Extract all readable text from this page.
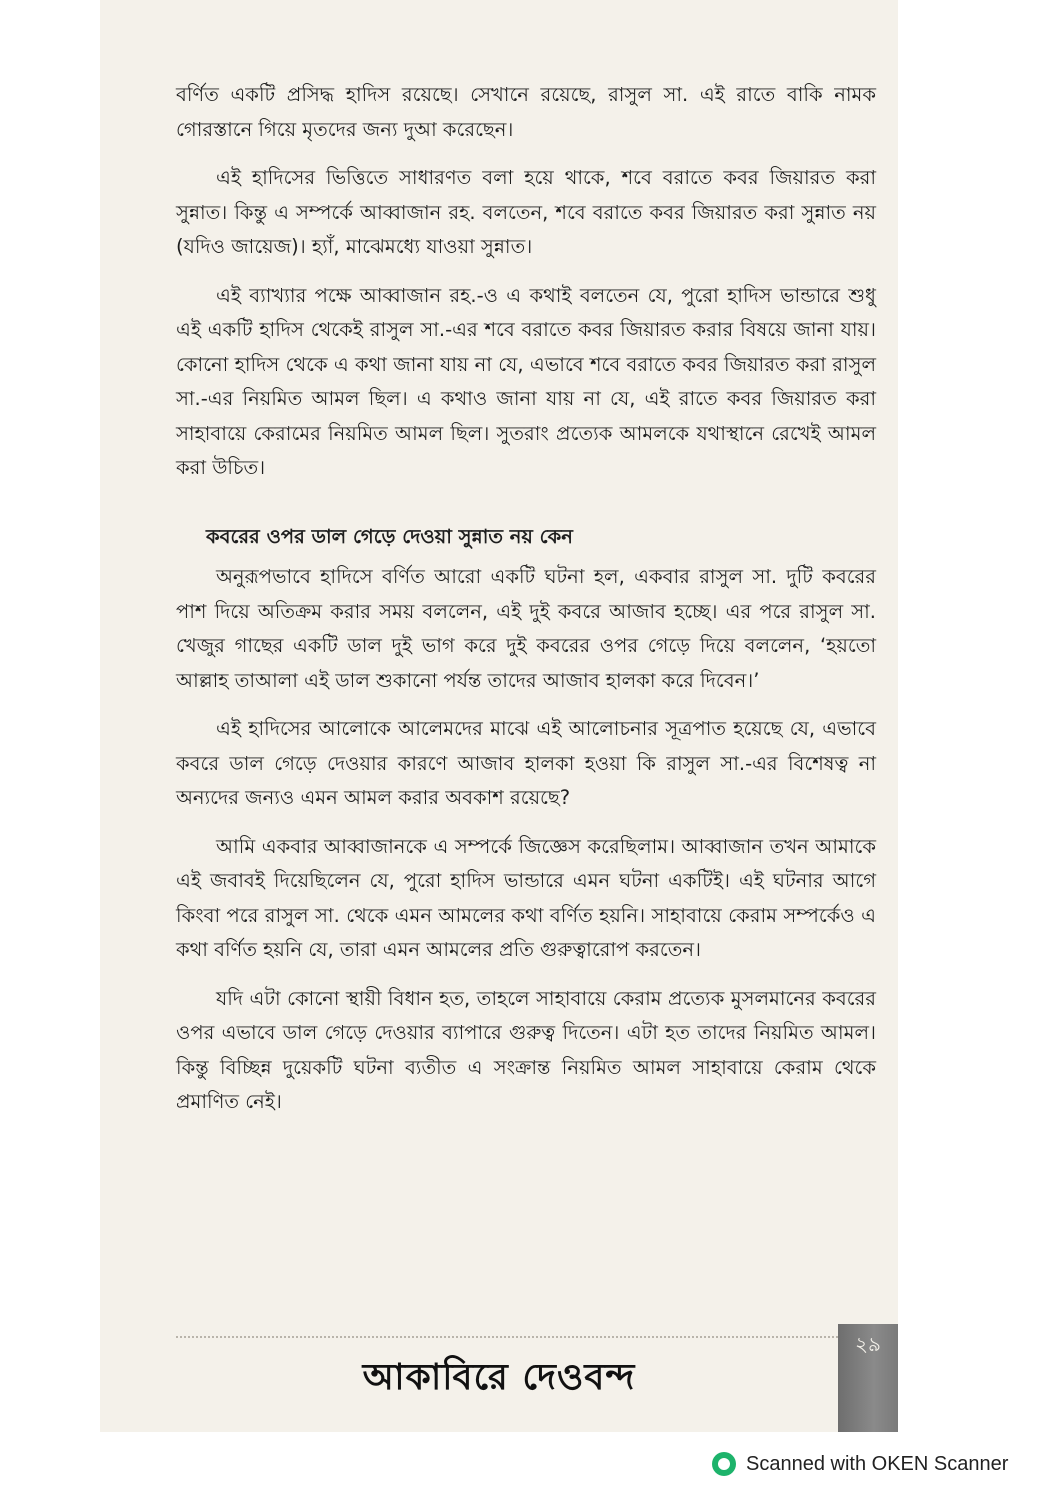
বর্ণিত একটি প্রসিদ্ধ হাদিস রয়েছে। সেখানে রয়েছে, রাসুল সা. এই রাতে বাকি নামক গোরস্তানে গিয়ে মৃতদের জন্য দুআ করেছেন।

এই হাদিসের ভিত্তিতে সাধারণত বলা হয়ে থাকে, শবে বরাতে কবর জিয়ারত করা সুন্নাত। কিন্তু এ সম্পর্কে আব্বাজান রহ. বলতেন, শবে বরাতে কবর জিয়ারত করা সুন্নাত নয় (যদিও জায়েজ)। হ্যাঁ, মাঝেমধ্যে যাওয়া সুন্নাত।

এই ব্যাখ্যার পক্ষে আব্বাজান রহ.-ও এ কথাই বলতেন যে, পুরো হাদিস ভান্ডারে শুধু এই একটি হাদিস থেকেই রাসুল সা.-এর শবে বরাতে কবর জিয়ারত করার বিষয়ে জানা যায়। কোনো হাদিস থেকে এ কথা জানা যায় না যে, এভাবে শবে বরাতে কবর জিয়ারত করা রাসুল সা.-এর নিয়মিত আমল ছিল। এ কথাও জানা যায় না যে, এই রাতে কবর জিয়ারত করা সাহাবায়ে কেরামের নিয়মিত আমল ছিল। সুতরাং প্রত্যেক আমলকে যথাস্থানে রেখেই আমল করা উচিত।

কবরের ওপর ডাল গেড়ে দেওয়া সুন্নাত নয় কেন

অনুরূপভাবে হাদিসে বর্ণিত আরো একটি ঘটনা হল, একবার রাসুল সা. দুটি কবরের পাশ দিয়ে অতিক্রম করার সময় বললেন, এই দুই কবরে আজাব হচ্ছে। এর পরে রাসুল সা. খেজুর গাছের একটি ডাল দুই ভাগ করে দুই কবরের ওপর গেড়ে দিয়ে বললেন, ‘হয়তো আল্লাহ তাআলা এই ডাল শুকানো পর্যন্ত তাদের আজাব হালকা করে দিবেন।’

এই হাদিসের আলোকে আলেমদের মাঝে এই আলোচনার সূত্রপাত হয়েছে যে, এভাবে কবরে ডাল গেড়ে দেওয়ার কারণে আজাব হালকা হওয়া কি রাসুল সা.-এর বিশেষত্ব না অন্যদের জন্যও এমন আমল করার অবকাশ রয়েছে?

আমি একবার আব্বাজানকে এ সম্পর্কে জিজ্ঞেস করেছিলাম। আব্বাজান তখন আমাকে এই জবাবই দিয়েছিলেন যে, পুরো হাদিস ভান্ডারে এমন ঘটনা একটিই। এই ঘটনার আগে কিংবা পরে রাসুল সা. থেকে এমন আমলের কথা বর্ণিত হয়নি। সাহাবায়ে কেরাম সম্পর্কেও এ কথা বর্ণিত হয়নি যে, তারা এমন আমলের প্রতি গুরুত্বারোপ করতেন।

যদি এটা কোনো স্থায়ী বিধান হত, তাহলে সাহাবায়ে কেরাম প্রত্যেক মুসলমানের কবরের ওপর এভাবে ডাল গেড়ে দেওয়ার ব্যাপারে গুরুত্ব দিতেন। এটা হত তাদের নিয়মিত আমল। কিন্তু বিচ্ছিন্ন দুয়েকটি ঘটনা ব্যতীত এ সংক্রান্ত নিয়মিত আমল সাহাবায়ে কেরাম থেকে প্রমাণিত নেই।

আকাবিরে দেওবন্দ
২৯
Scanned with OKEN Scanner
